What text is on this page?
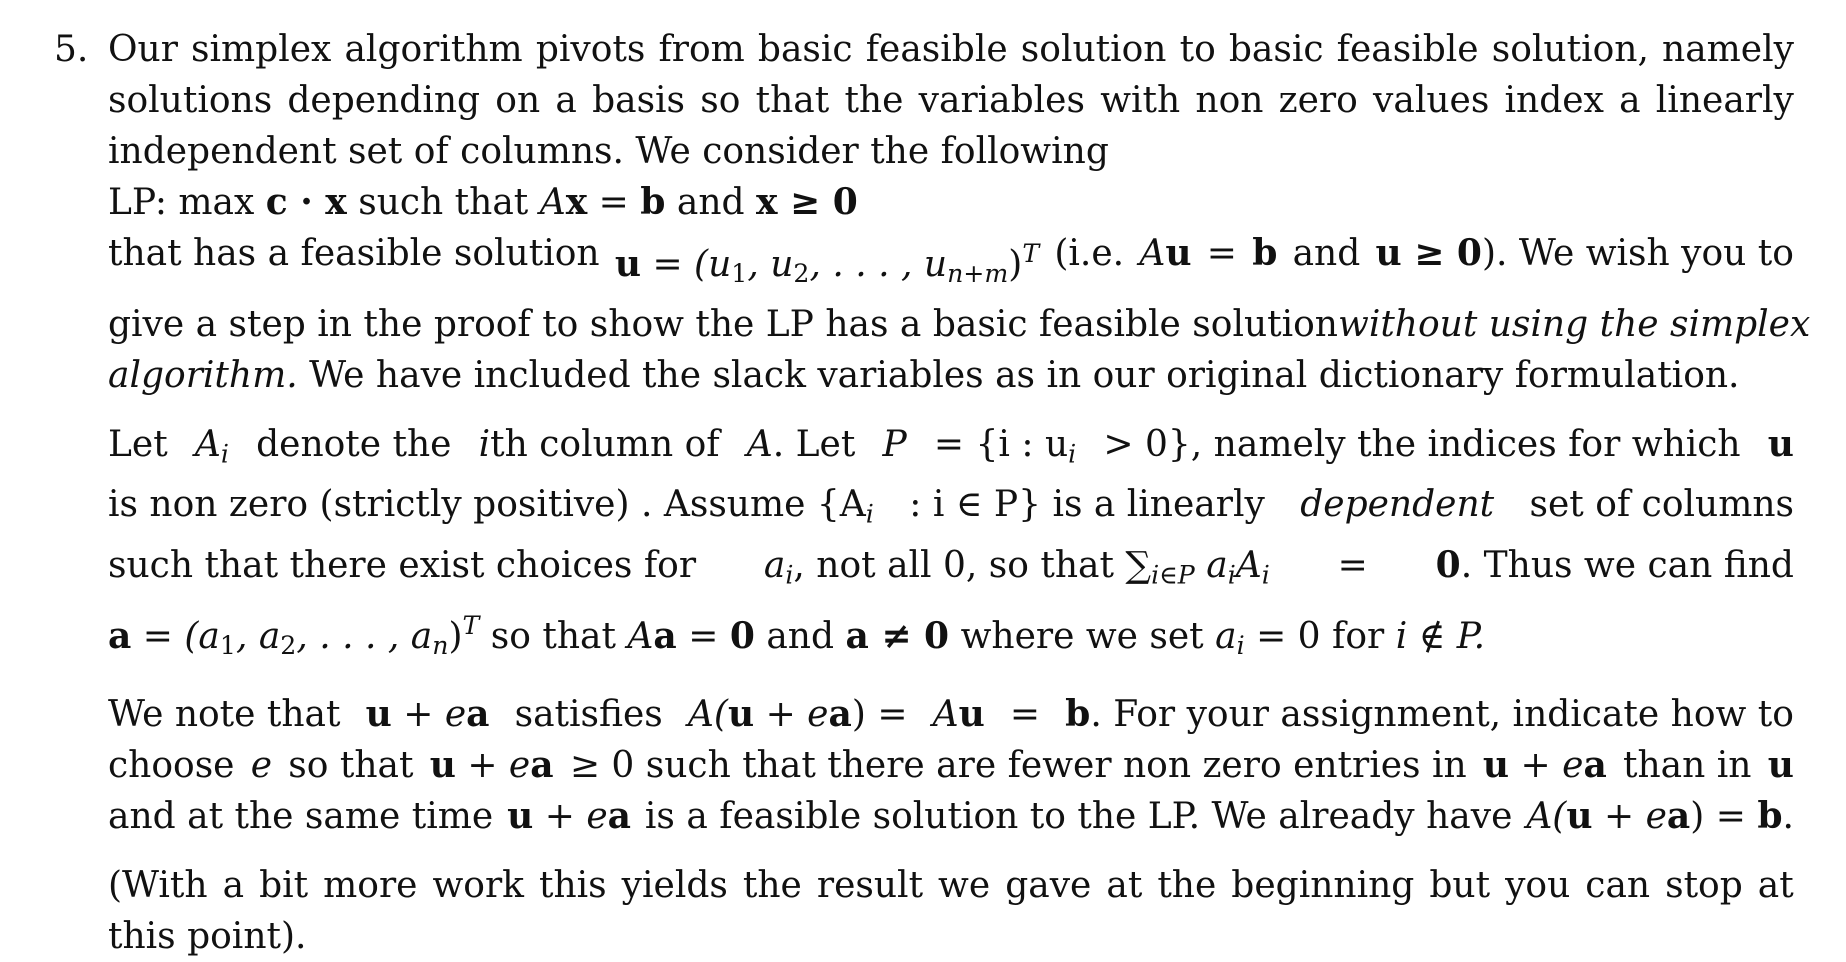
5. Our simplex algorithm pivots from basic feasible solution to basic feasible solution, namely
solutions depending on a basis so that the variables with non zero values index a linearly
independent set of columns. We consider the following
LP: max c · x such that Ax = b and x ≥ 0
that has a feasible solution $u = (u_1$, $u_2$, . . . , $u_{n+m})^T$ (i.e. Au = b and u ≥ 0). We wish you to
give a step in the proof to show the LP has a basic feasible solution without using the simplex
algorithm. We have included the slack variables as in our original dictionary formulation.
Let $A_i$ denote the ith column of A. Let P = {i : $u_i > 0$}, namely the indices for which u
is non zero (strictly positive) . Assume {$A_i$ : i ∈ P} is a linearly dependent set of columns
such that there exist choices for $a_i$, not all 0, so that $\sum_{i\in P}$ $a_iA_i = 0$. Thus we can find
$a = (a_1$, $a_2$, . . . , $a_n)^T$ so that Aa = 0 and a ≠ 0 where we set $a_i = 0$ for i ∉ P.
We note that u + ea satisfies A(u + ea) = Au = b. For your assignment, indicate how to
choose e so that u + ea ≥ 0 such that there are fewer non zero entries in u + ea than in u
and at the same time u + ea is a feasible solution to the LP. We already have A(u + ea) = b.
(With a bit more work this yields the result we gave at the beginning but you can stop at
this point).
